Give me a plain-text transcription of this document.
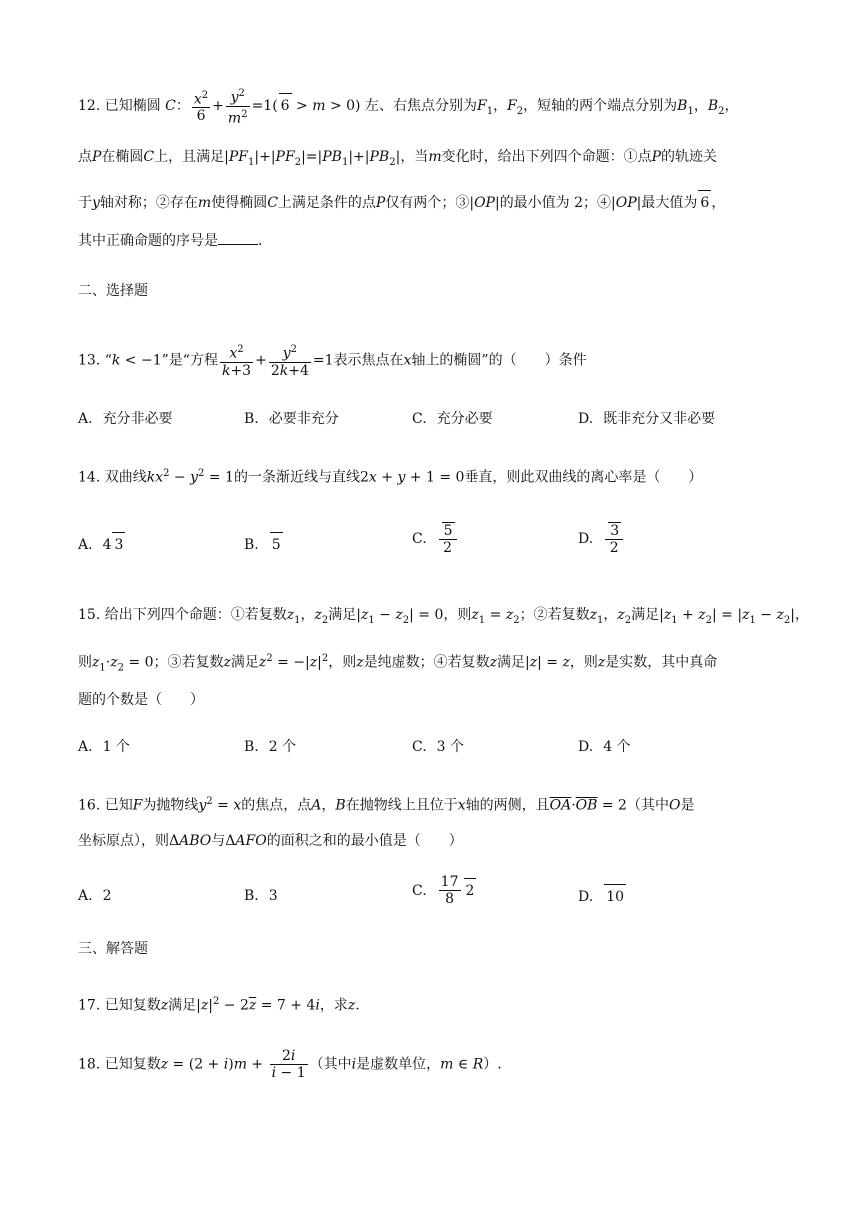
12. 已知椭圆 C： $\frac{x^2}{6} + \frac{y^2}{m^2} =1$( 6 > m > 0) 左、右焦点分别为$F_1$，$F_2$，短轴的两个端点分别为$B_1$，$B_2$，
点P在椭圆C上，且满足$|PF_1|+|PF_2|=|PB_1|+|PB_2|$，当m变化时，给出下列四个命题：①点P的轨迹关
于y轴对称；②存在m使得椭圆C上满足条件的点P仅有两个；③|OP|的最小值为 2；④|OP|最大值为 6 ，
其中正确命题的序号是	.
二、选择题
13. “k < −1”是“方程 $\frac{x^2}{k+3} + \frac{y^2}{2k+4} =1$表示焦点在x轴上的椭圆”的（　　）条件
A. 充分非必要	B. 必要非充分	C. 充分必要	D. 既非充分又非必要
14. 双曲线$kx^2 - y^2 = 1$的一条渐近线与直线2x + y + 1 = 0垂直，则此双曲线的离心率是（　　）
A. 4 3	B. 5	C. $\frac{5}{2}$	D. $\frac{3}{2}$
15. 给出下列四个命题：①若复数$z_1$，$z_2$满足$|z_1 - z_2| = 0$，则$z_1 = z_2$；②若复数$z_1$，$z_2$满足$|z_1 + z_2| = |z_1 - z_2|$，
则$z_1\cdot z_2 = 0$；③若复数z满足$z^2 = -|z|^2$，则z是纯虚数；④若复数z满足|z| = z，则z是实数，其中真命
题的个数是（　　）
A. 1 个	B. 2 个	C. 3 个	D. 4 个
16. 已知F为抛物线$y^2 = x$的焦点，点A，B在抛物线上且位于x轴的两侧，且$\overline{OA}\cdot\overline{OB} = 2$（其中O是
坐标原点），则ΔABO与ΔAFO的面积之和的最小值是（　　）
A. 2	B. 3	C. $\frac{17}{8} 2$	D. 10
三、解答题
17. 已知复数z满足$|z|^2 - 2\overline{z} = 7 + 4i$，求z.
18. 已知复数$z = (2 + i)m + \frac{2i}{i - 1}$ （其中i是虚数单位，m ∈ R）.
